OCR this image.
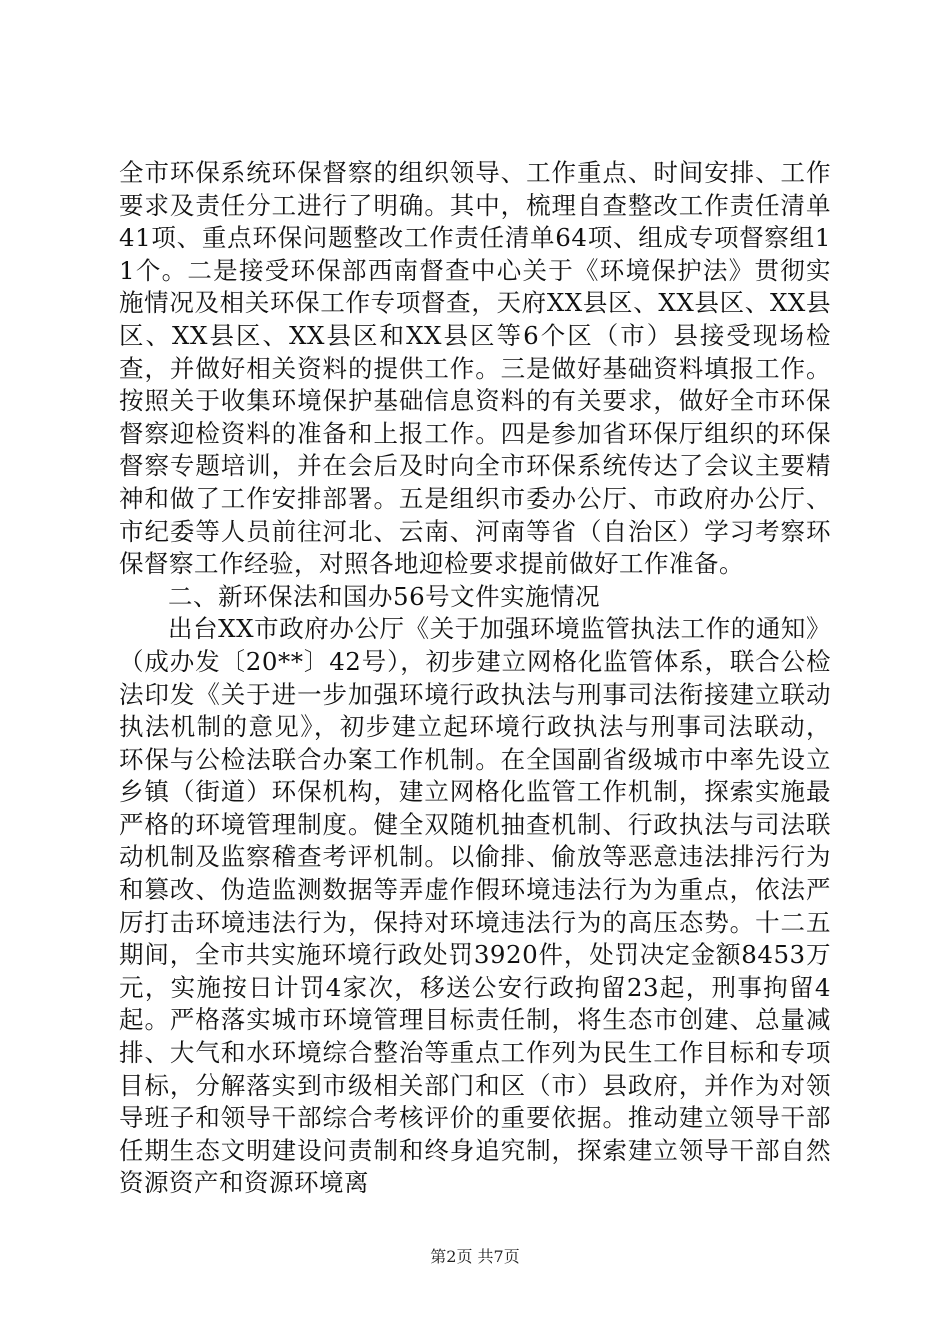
全市环保系统环保督察的组织领导、工作重点、时间安排、工作要求及责任分工进行了明确。其中，梳理自查整改工作责任清单41项、重点环保问题整改工作责任清单64项、组成专项督察组11个。二是接受环保部西南督查中心关于《环境保护法》贯彻实施情况及相关环保工作专项督查，天府XX县区、XX县区、XX县区、XX县区、XX县区和XX县区等6个区（市）县接受现场检查，并做好相关资料的提供工作。三是做好基础资料填报工作。按照关于收集环境保护基础信息资料的有关要求，做好全市环保督察迎检资料的准备和上报工作。四是参加省环保厅组织的环保督察专题培训，并在会后及时向全市环保系统传达了会议主要精神和做了工作安排部署。五是组织市委办公厅、市政府办公厅、市纪委等人员前往河北、云南、河南等省（自治区）学习考察环保督察工作经验，对照各地迎检要求提前做好工作准备。

二、新环保法和国办56号文件实施情况

出台XX市政府办公厅《关于加强环境监管执法工作的通知》（成办发〔20**〕42号），初步建立网格化监管体系，联合公检法印发《关于进一步加强环境行政执法与刑事司法衔接建立联动执法机制的意见》，初步建立起环境行政执法与刑事司法联动，环保与公检法联合办案工作机制。在全国副省级城市中率先设立乡镇（街道）环保机构，建立网格化监管工作机制，探索实施最严格的环境管理制度。健全双随机抽查机制、行政执法与司法联动机制及监察稽查考评机制。以偷排、偷放等恶意违法排污行为和篡改、伪造监测数据等弄虚作假环境违法行为为重点，依法严厉打击环境违法行为，保持对环境违法行为的高压态势。十二五期间，全市共实施环境行政处罚3920件，处罚决定金额8453万元，实施按日计罚4家次，移送公安行政拘留23起，刑事拘留4起。严格落实城市环境管理目标责任制，将生态市创建、总量减排、大气和水环境综合整治等重点工作列为民生工作目标和专项目标，分解落实到市级相关部门和区（市）县政府，并作为对领导班子和领导干部综合考核评价的重要依据。推动建立领导干部任期生态文明建设问责制和终身追究制，探索建立领导干部自然资源资产和资源环境离

第2页 共7页
